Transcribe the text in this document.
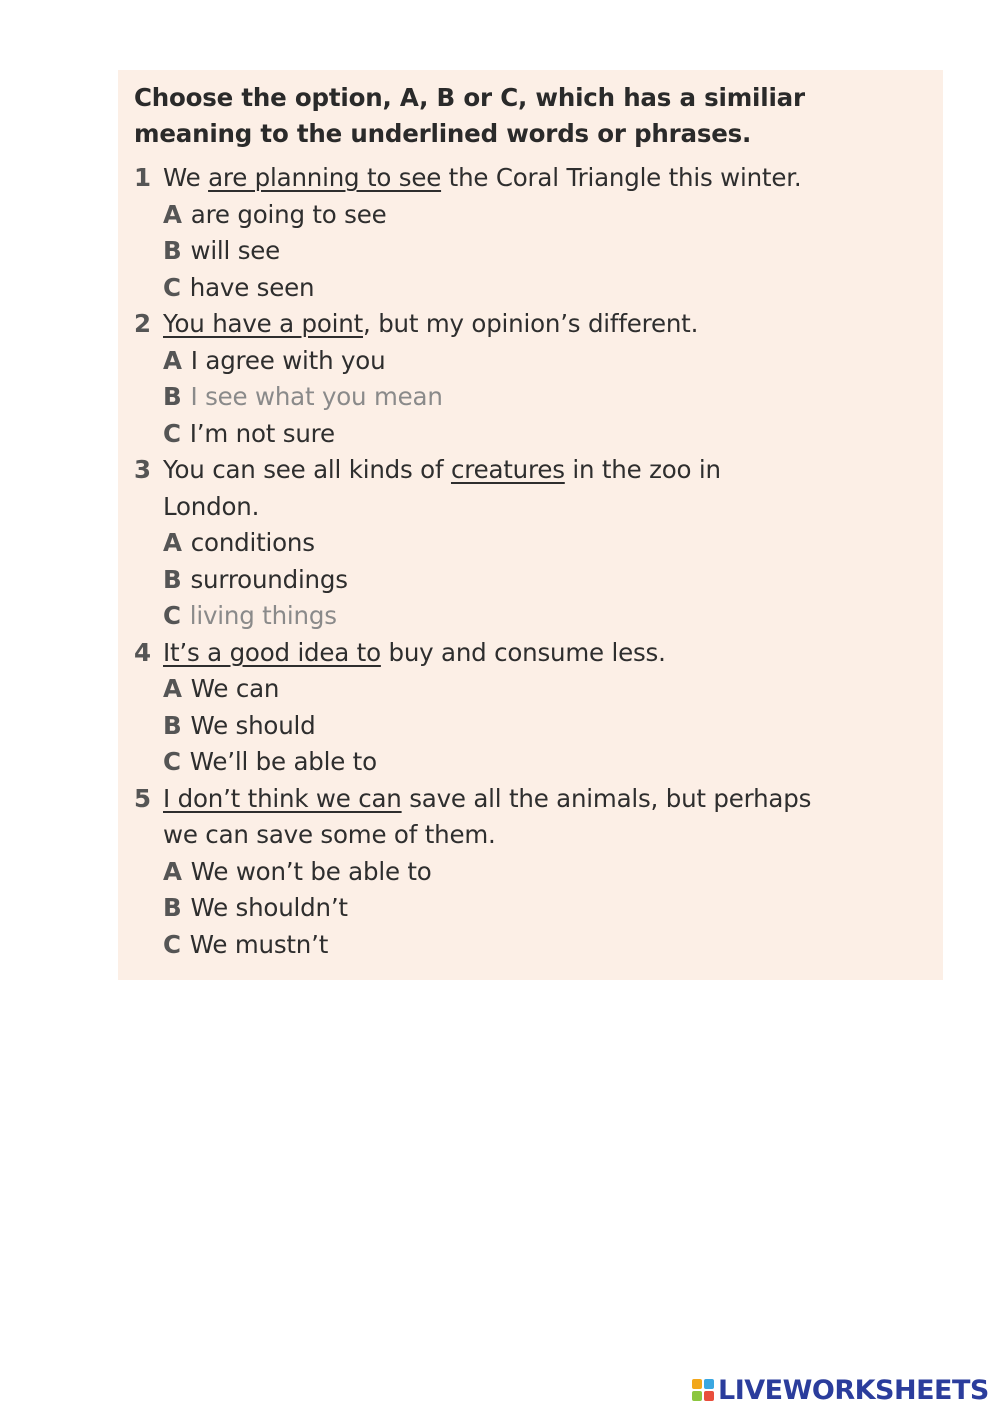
Choose the option, A, B or C, which has a similiar
meaning to the underlined words or phrases.
1 We are planning to see the Coral Triangle this winter.
A are going to see
B will see
C have seen
2 You have a point, but my opinion’s different.
A I agree with you
B I see what you mean
C I’m not sure
3 You can see all kinds of creatures in the zoo in
London.
A conditions
B surroundings
C living things
4 It’s a good idea to buy and consume less.
A We can
B We should
C We’ll be able to
5 I don’t think we can save all the animals, but perhaps
we can save some of them.
A We won’t be able to
B We shouldn’t
C We mustn’t
LIVEWORKSHEETS
